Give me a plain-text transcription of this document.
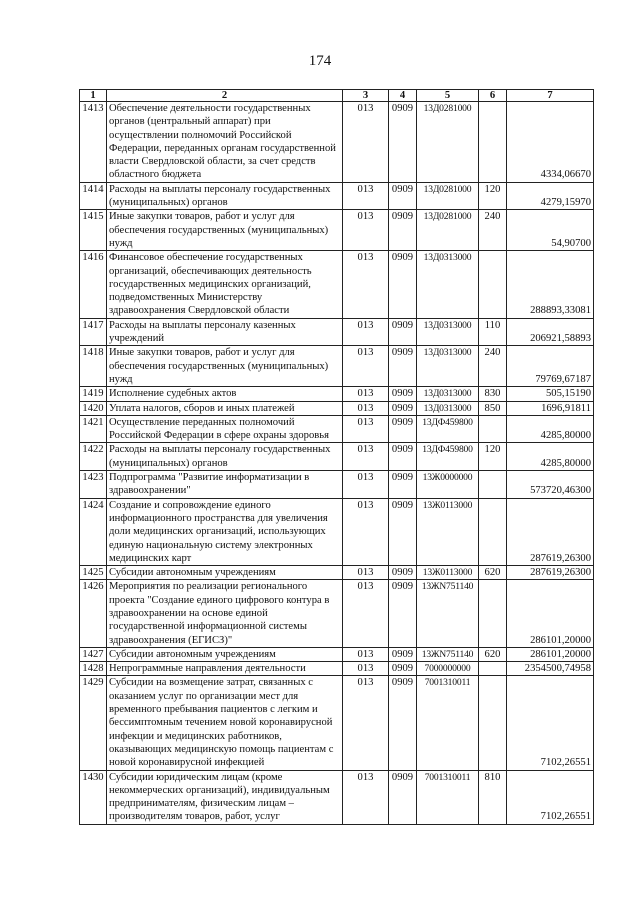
174
1	2	3	4	5	6	7
1413	Обеспечение деятельности государственных органов (центральный аппарат) при осуществлении полномочий Российской Федерации, переданных органам государственной власти Свердловской области, за счет средств областного бюджета	013	0909	13Д0281000		4334,06670
1414	Расходы на выплаты персоналу государственных (муниципальных) органов	013	0909	13Д0281000	120	4279,15970
1415	Иные закупки товаров, работ и услуг для обеспечения государственных (муниципальных) нужд	013	0909	13Д0281000	240	54,90700
1416	Финансовое обеспечение государственных организаций, обеспечивающих деятельность государственных медицинских организаций, подведомственных Министерству здравоохранения Свердловской области	013	0909	13Д0313000		288893,33081
1417	Расходы на выплаты персоналу казенных учреждений	013	0909	13Д0313000	110	206921,58893
1418	Иные закупки товаров, работ и услуг для обеспечения государственных (муниципальных) нужд	013	0909	13Д0313000	240	79769,67187
1419	Исполнение судебных актов	013	0909	13Д0313000	830	505,15190
1420	Уплата налогов, сборов и иных платежей	013	0909	13Д0313000	850	1696,91811
1421	Осуществление переданных полномочий Российской Федерации в сфере охраны здоровья	013	0909	13ДФ459800		4285,80000
1422	Расходы на выплаты персоналу государственных (муниципальных) органов	013	0909	13ДФ459800	120	4285,80000
1423	Подпрограмма "Развитие информатизации в здравоохранении"	013	0909	13Ж0000000		573720,46300
1424	Создание и сопровождение единого информационного пространства для увеличения доли медицинских организаций, использующих единую национальную систему электронных медицинских карт	013	0909	13Ж0113000		287619,26300
1425	Субсидии автономным учреждениям	013	0909	13Ж0113000	620	287619,26300
1426	Мероприятия по реализации регионального проекта "Создание единого цифрового контура в здравоохранении на основе единой государственной информационной системы здравоохранения (ЕГИСЗ)"	013	0909	13ЖN751140		286101,20000
1427	Субсидии автономным учреждениям	013	0909	13ЖN751140	620	286101,20000
1428	Непрограммные направления деятельности	013	0909	7000000000		2354500,74958
1429	Субсидии на возмещение затрат, связанных с оказанием услуг по организации мест для временного пребывания пациентов с легким и бессимптомным течением новой коронавирусной инфекции и медицинских работников, оказывающих медицинскую помощь пациентам с новой коронавирусной инфекцией	013	0909	7001310011		7102,26551
1430	Субсидии юридическим лицам (кроме некоммерческих организаций), индивидуальным предпринимателям, физическим лицам – производителям товаров, работ, услуг	013	0909	7001310011	810	7102,26551
